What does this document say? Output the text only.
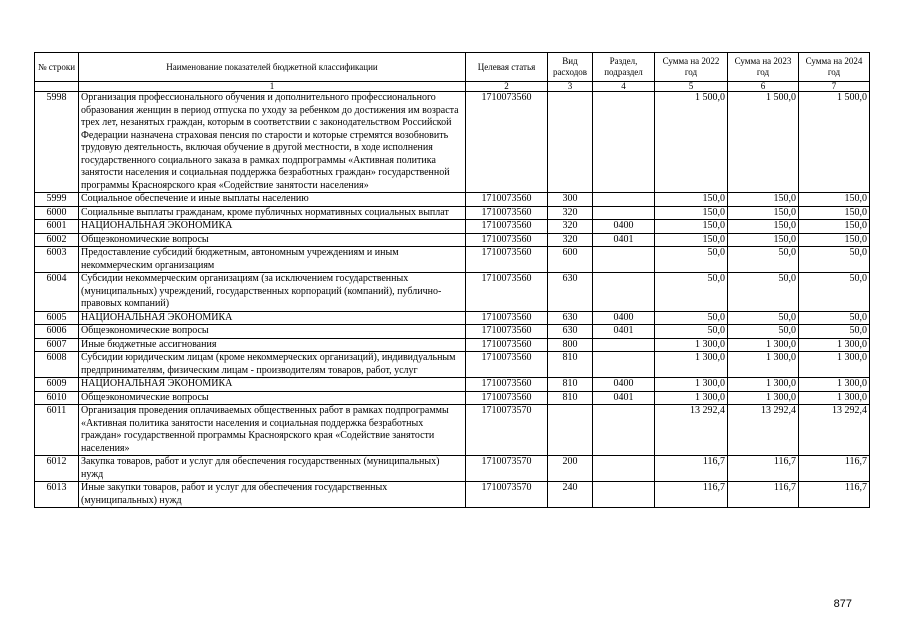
№ строки	Наименование показателей бюджетной классификации	Целевая статья	Вид расходов	Раздел, подраздел	Сумма на 2022 год	Сумма на 2023 год	Сумма на 2024 год
	1	2	3	4	5	6	7
5998	Организация профессионального обучения и дополнительного профессионального образования женщин в период отпуска по уходу за ребенком до достижения им возраста трех лет, незанятых граждан, которым в соответствии с законодательством Российской Федерации назначена страховая пенсия по старости и которые стремятся возобновить трудовую деятельность, включая обучение в другой местности, в ходе исполнения государственного социального заказа в рамках подпрограммы «Активная политика занятости населения и социальная поддержка безработных граждан» государственной программы Красноярского края «Содействие занятости населения»	1710073560			1 500,0	1 500,0	1 500,0
5999	Социальное обеспечение и иные выплаты населению	1710073560	300		150,0	150,0	150,0
6000	Социальные выплаты гражданам, кроме публичных нормативных социальных выплат	1710073560	320		150,0	150,0	150,0
6001	НАЦИОНАЛЬНАЯ ЭКОНОМИКА	1710073560	320	0400	150,0	150,0	150,0
6002	Общеэкономические вопросы	1710073560	320	0401	150,0	150,0	150,0
6003	Предоставление субсидий бюджетным, автономным учреждениям и иным некоммерческим организациям	1710073560	600		50,0	50,0	50,0
6004	Субсидии некоммерческим организациям (за исключением государственных (муниципальных) учреждений, государственных корпораций (компаний), публично-правовых компаний)	1710073560	630		50,0	50,0	50,0
6005	НАЦИОНАЛЬНАЯ ЭКОНОМИКА	1710073560	630	0400	50,0	50,0	50,0
6006	Общеэкономические вопросы	1710073560	630	0401	50,0	50,0	50,0
6007	Иные бюджетные ассигнования	1710073560	800		1 300,0	1 300,0	1 300,0
6008	Субсидии юридическим лицам (кроме некоммерческих организаций), индивидуальным предпринимателям, физическим лицам - производителям товаров, работ, услуг	1710073560	810		1 300,0	1 300,0	1 300,0
6009	НАЦИОНАЛЬНАЯ ЭКОНОМИКА	1710073560	810	0400	1 300,0	1 300,0	1 300,0
6010	Общеэкономические вопросы	1710073560	810	0401	1 300,0	1 300,0	1 300,0
6011	Организация проведения оплачиваемых общественных работ в рамках подпрограммы «Активная политика занятости населения и социальная поддержка безработных граждан» государственной программы Красноярского края «Содействие занятости населения»	1710073570			13 292,4	13 292,4	13 292,4
6012	Закупка товаров, работ и услуг для обеспечения государственных (муниципальных) нужд	1710073570	200		116,7	116,7	116,7
6013	Иные закупки товаров, работ и услуг для обеспечения государственных (муниципальных) нужд	1710073570	240		116,7	116,7	116,7
877
